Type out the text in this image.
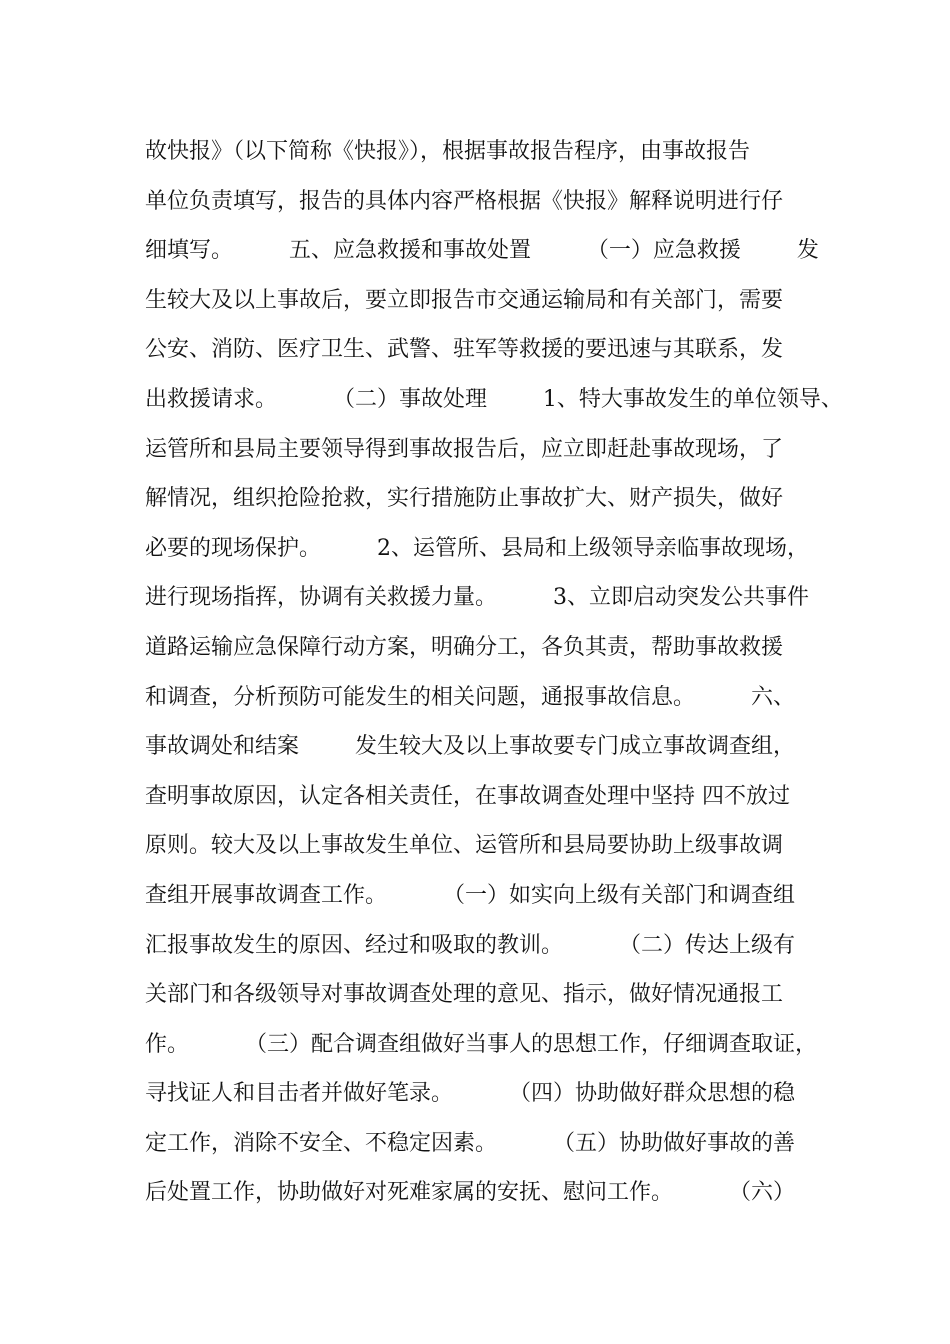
故快报》（以下简称《快报》），根据事故报告程序，由事故报告
单位负责填写，报告的具体内容严格根据《快报》解释说明进行仔
细填写。        五、应急救援和事故处置        （一）应急救援        发
生较大及以上事故后，要立即报告市交通运输局和有关部门，需要
公安、消防、医疗卫生、武警、驻军等救援的要迅速与其联系，发
出救援请求。        （二）事故处理        1、特大事故发生的单位领导、
运管所和县局主要领导得到事故报告后，应立即赶赴事故现场，了
解情况，组织抢险抢救，实行措施防止事故扩大、财产损失，做好
必要的现场保护。        2、运管所、县局和上级领导亲临事故现场，
进行现场指挥，协调有关救援力量。        3、立即启动突发公共事件
道路运输应急保障行动方案，明确分工，各负其责，帮助事故救援
和调查，分析预防可能发生的相关问题，通报事故信息。        六、
事故调处和结案        发生较大及以上事故要专门成立事故调查组，
查明事故原因，认定各相关责任，在事故调查处理中坚持 四不放过
原则。较大及以上事故发生单位、运管所和县局要协助上级事故调
查组开展事故调查工作。        （一）如实向上级有关部门和调查组
汇报事故发生的原因、经过和吸取的教训。        （二）传达上级有
关部门和各级领导对事故调查处理的意见、指示，做好情况通报工
作。        （三）配合调查组做好当事人的思想工作，仔细调查取证，
寻找证人和目击者并做好笔录。        （四）协助做好群众思想的稳
定工作，消除不安全、不稳定因素。        （五）协助做好事故的善
后处置工作，协助做好对死难家属的安抚、慰问工作。        （六）
